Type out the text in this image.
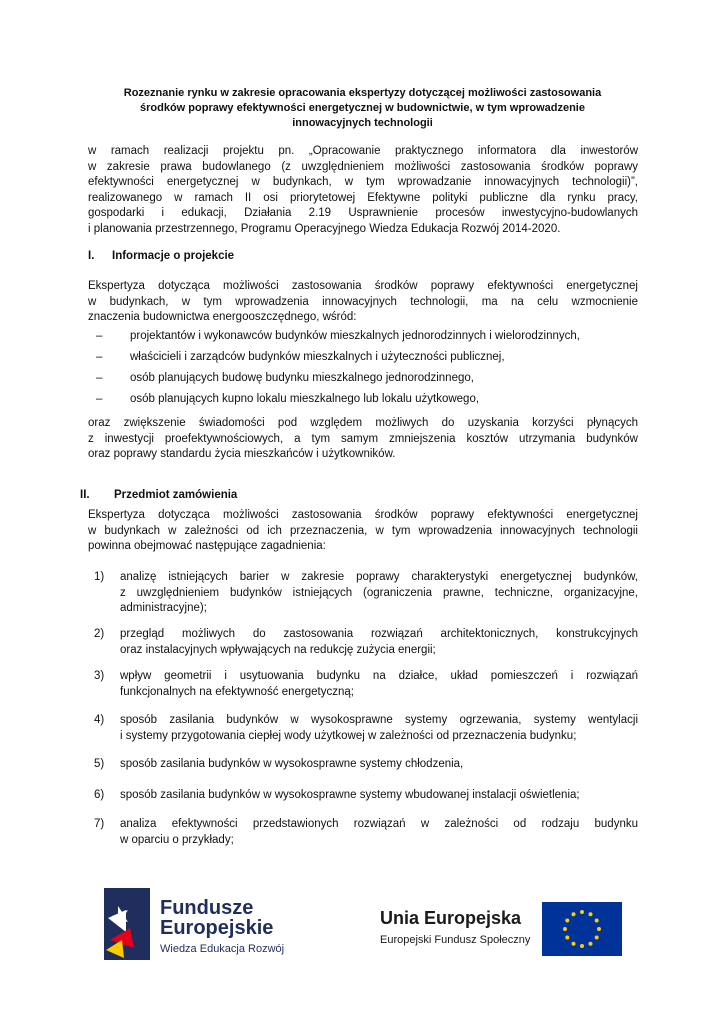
Rozeznanie rynku w zakresie opracowania ekspertyzy dotyczącej możliwości zastosowania
środków poprawy efektywności energetycznej w budownictwie, w tym wprowadzenie
innowacyjnych technologii
w ramach realizacji projektu pn. „Opracowanie praktycznego informatora dla inwestorów
w zakresie prawa budowlanego (z uwzględnieniem możliwości zastosowania środków poprawy
efektywności energetycznej w budynkach, w tym wprowadzanie innowacyjnych technologii)”,
realizowanego w ramach II osi priorytetowej Efektywne polityki publiczne dla rynku pracy,
gospodarki i edukacji, Działania 2.19 Usprawnienie procesów inwestycyjno-budowlanych
i planowania przestrzennego, Programu Operacyjnego Wiedza Edukacja Rozwój 2014-2020.
I. Informacje o projekcie
Ekspertyza dotycząca możliwości zastosowania środków poprawy efektywności energetycznej
w budynkach, w tym wprowadzenia innowacyjnych technologii, ma na celu wzmocnienie
znaczenia budownictwa energooszczędnego, wśród:
– projektantów i wykonawców budynków mieszkalnych jednorodzinnych i wielorodzinnych,
– właścicieli i zarządców budynków mieszkalnych i użyteczności publicznej,
– osób planujących budowę budynku mieszkalnego jednorodzinnego,
– osób planujących kupno lokalu mieszkalnego lub lokalu użytkowego,
oraz zwiększenie świadomości pod względem możliwych do uzyskania korzyści płynących
z inwestycji proefektywnościowych, a tym samym zmniejszenia kosztów utrzymania budynków
oraz poprawy standardu życia mieszkańców i użytkowników.
II. Przedmiot zamówienia
Ekspertyza dotycząca możliwości zastosowania środków poprawy efektywności energetycznej
w budynkach w zależności od ich przeznaczenia, w tym wprowadzenia innowacyjnych technologii
powinna obejmować następujące zagadnienia:
1) analizę istniejących barier w zakresie poprawy charakterystyki energetycznej budynków,
z uwzględnieniem budynków istniejących (ograniczenia prawne, techniczne, organizacyjne,
administracyjne);
2) przegląd możliwych do zastosowania rozwiązań architektonicznych, konstrukcyjnych
oraz instalacyjnych wpływających na redukcję zużycia energii;
3) wpływ geometrii i usytuowania budynku na działce, układ pomieszczeń i rozwiązań
funkcjonalnych na efektywność energetyczną;
4) sposób zasilania budynków w wysokosprawne systemy ogrzewania, systemy wentylacji
i systemy przygotowania ciepłej wody użytkowej w zależności od przeznaczenia budynku;
5) sposób zasilania budynków w wysokosprawne systemy chłodzenia,
6) sposób zasilania budynków w wysokosprawne systemy wbudowanej instalacji oświetlenia;
7) analiza efektywności przedstawionych rozwiązań w zależności od rodzaju budynku
w oparciu o przykłady;
Fundusze
Europejskie
Wiedza Edukacja Rozwój
Unia Europejska
Europejski Fundusz Społeczny
